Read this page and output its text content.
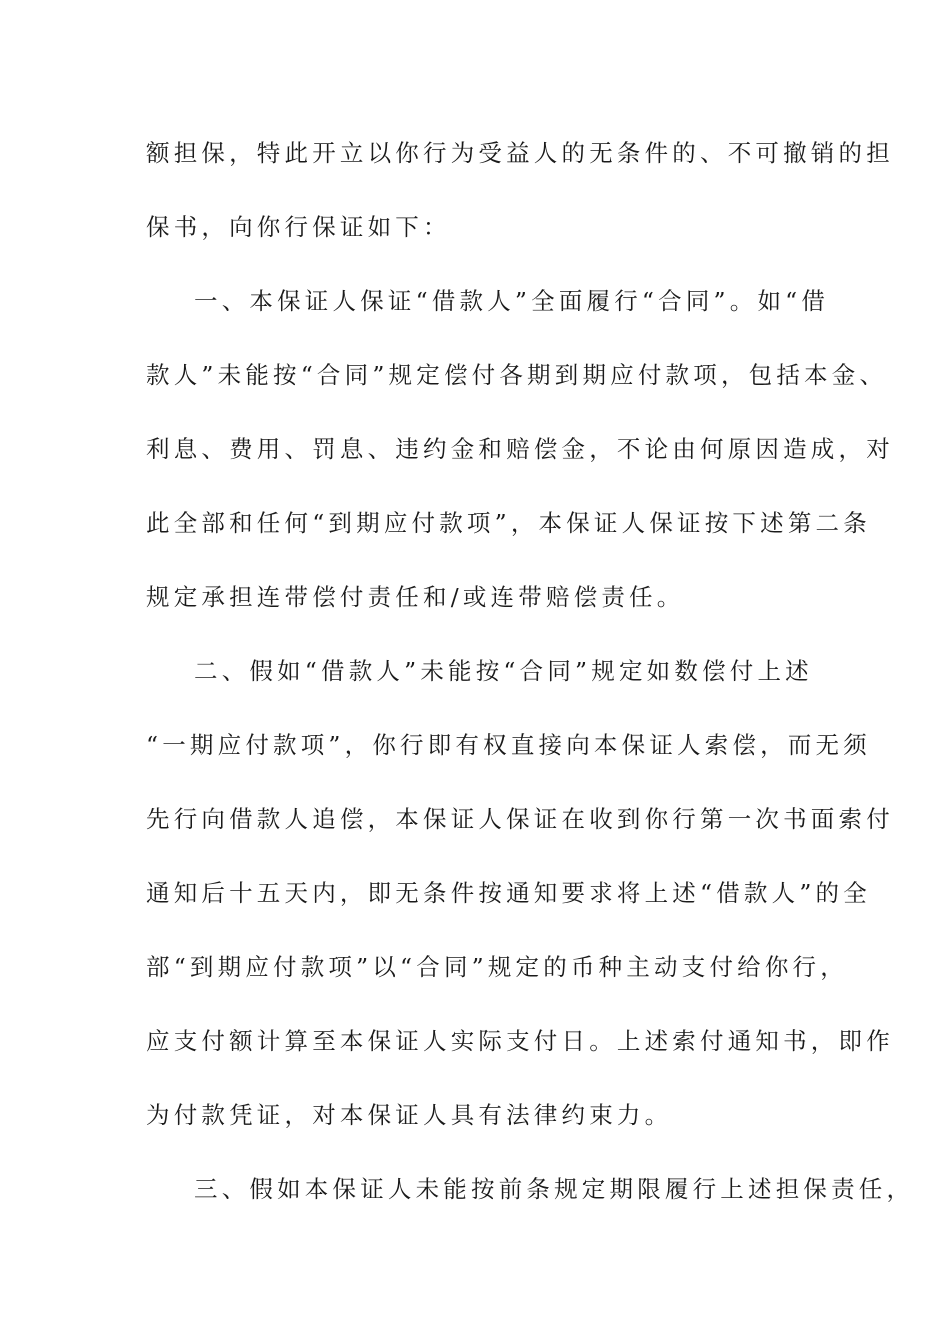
额担保，特此开立以你行为受益人的无条件的、不可撤销的担
保书，向你行保证如下：
一、本保证人保证“借款人”全面履行“合同”。如“借
款人”未能按“合同”规定偿付各期到期应付款项，包括本金、
利息、费用、罚息、违约金和赔偿金，不论由何原因造成，对
此全部和任何“到期应付款项”，本保证人保证按下述第二条
规定承担连带偿付责任和/或连带赔偿责任。
二、假如“借款人”未能按“合同”规定如数偿付上述
“一期应付款项”，你行即有权直接向本保证人索偿，而无须
先行向借款人追偿，本保证人保证在收到你行第一次书面索付
通知后十五天内，即无条件按通知要求将上述“借款人”的全
部“到期应付款项”以“合同”规定的币种主动支付给你行，
应支付额计算至本保证人实际支付日。上述索付通知书，即作
为付款凭证，对本保证人具有法律约束力。
三、假如本保证人未能按前条规定期限履行上述担保责任，
